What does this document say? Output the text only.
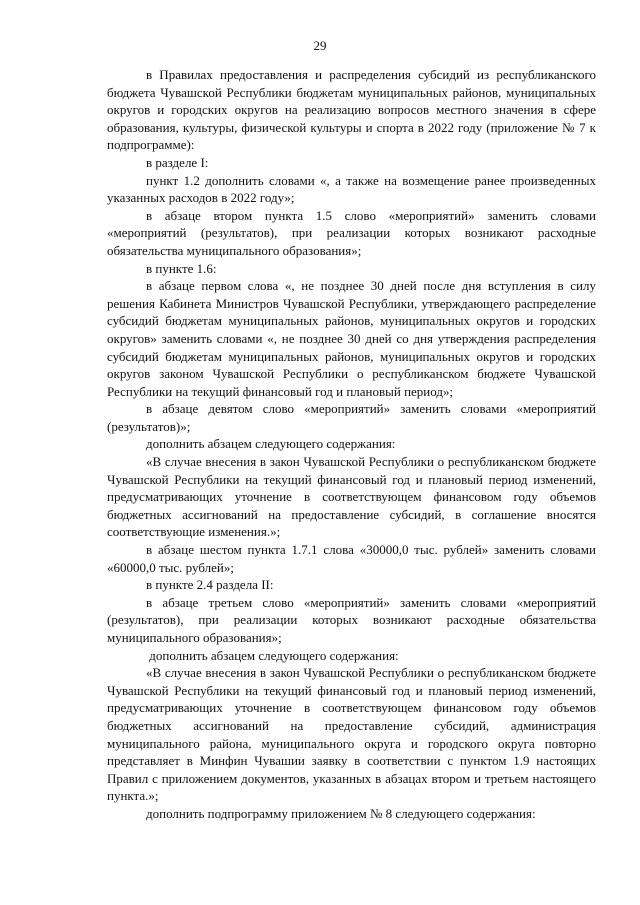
29

в Правилах предоставления и распределения субсидий из республиканского бюджета Чувашской Республики бюджетам муниципальных районов, муниципальных округов и городских округов на реализацию вопросов местного значения в сфере образования, культуры, физической культуры и спорта в 2022 году (приложение № 7 к подпрограмме):

в разделе I:

пункт 1.2 дополнить словами «, а также на возмещение ранее произведенных указанных расходов в 2022 году»;

в абзаце втором пункта 1.5 слово «мероприятий» заменить словами «мероприятий (результатов), при реализации которых возникают расходные обязательства муниципального образования»;

в пункте 1.6:

в абзаце первом слова «, не позднее 30 дней после дня вступления в силу решения Кабинета Министров Чувашской Республики, утверждающего распределение субсидий бюджетам муниципальных районов, муниципальных округов и городских округов» заменить словами «, не позднее 30 дней со дня утверждения распределения субсидий бюджетам муниципальных районов, муниципальных округов и городских округов законом Чувашской Республики о республиканском бюджете Чувашской Республики на текущий финансовый год и плановый период»;

в абзаце девятом слово «мероприятий» заменить словами «мероприятий (результатов)»;

дополнить абзацем следующего содержания:

«В случае внесения в закон Чувашской Республики о республиканском бюджете Чувашской Республики на текущий финансовый год и плановый период изменений, предусматривающих уточнение в соответствующем финансовом году объемов бюджетных ассигнований на предоставление субсидий, в соглашение вносятся соответствующие изменения.»;

в абзаце шестом пункта 1.7.1 слова «30000,0 тыс. рублей» заменить словами «60000,0 тыс. рублей»;

в пункте 2.4 раздела II:

в абзаце третьем слово «мероприятий» заменить словами «мероприятий (результатов), при реализации которых возникают расходные обязательства муниципального образования»;

дополнить абзацем следующего содержания:

«В случае внесения в закон Чувашской Республики о республиканском бюджете Чувашской Республики на текущий финансовый год и плановый период изменений, предусматривающих уточнение в соответствующем финансовом году объемов бюджетных ассигнований на предоставление субсидий, администрация муниципального района, муниципального округа и городского округа повторно представляет в Минфин Чувашии заявку в соответствии с пунктом 1.9 настоящих Правил с приложением документов, указанных в абзацах втором и третьем настоящего пункта.»;

дополнить подпрограмму приложением № 8 следующего содержания:
